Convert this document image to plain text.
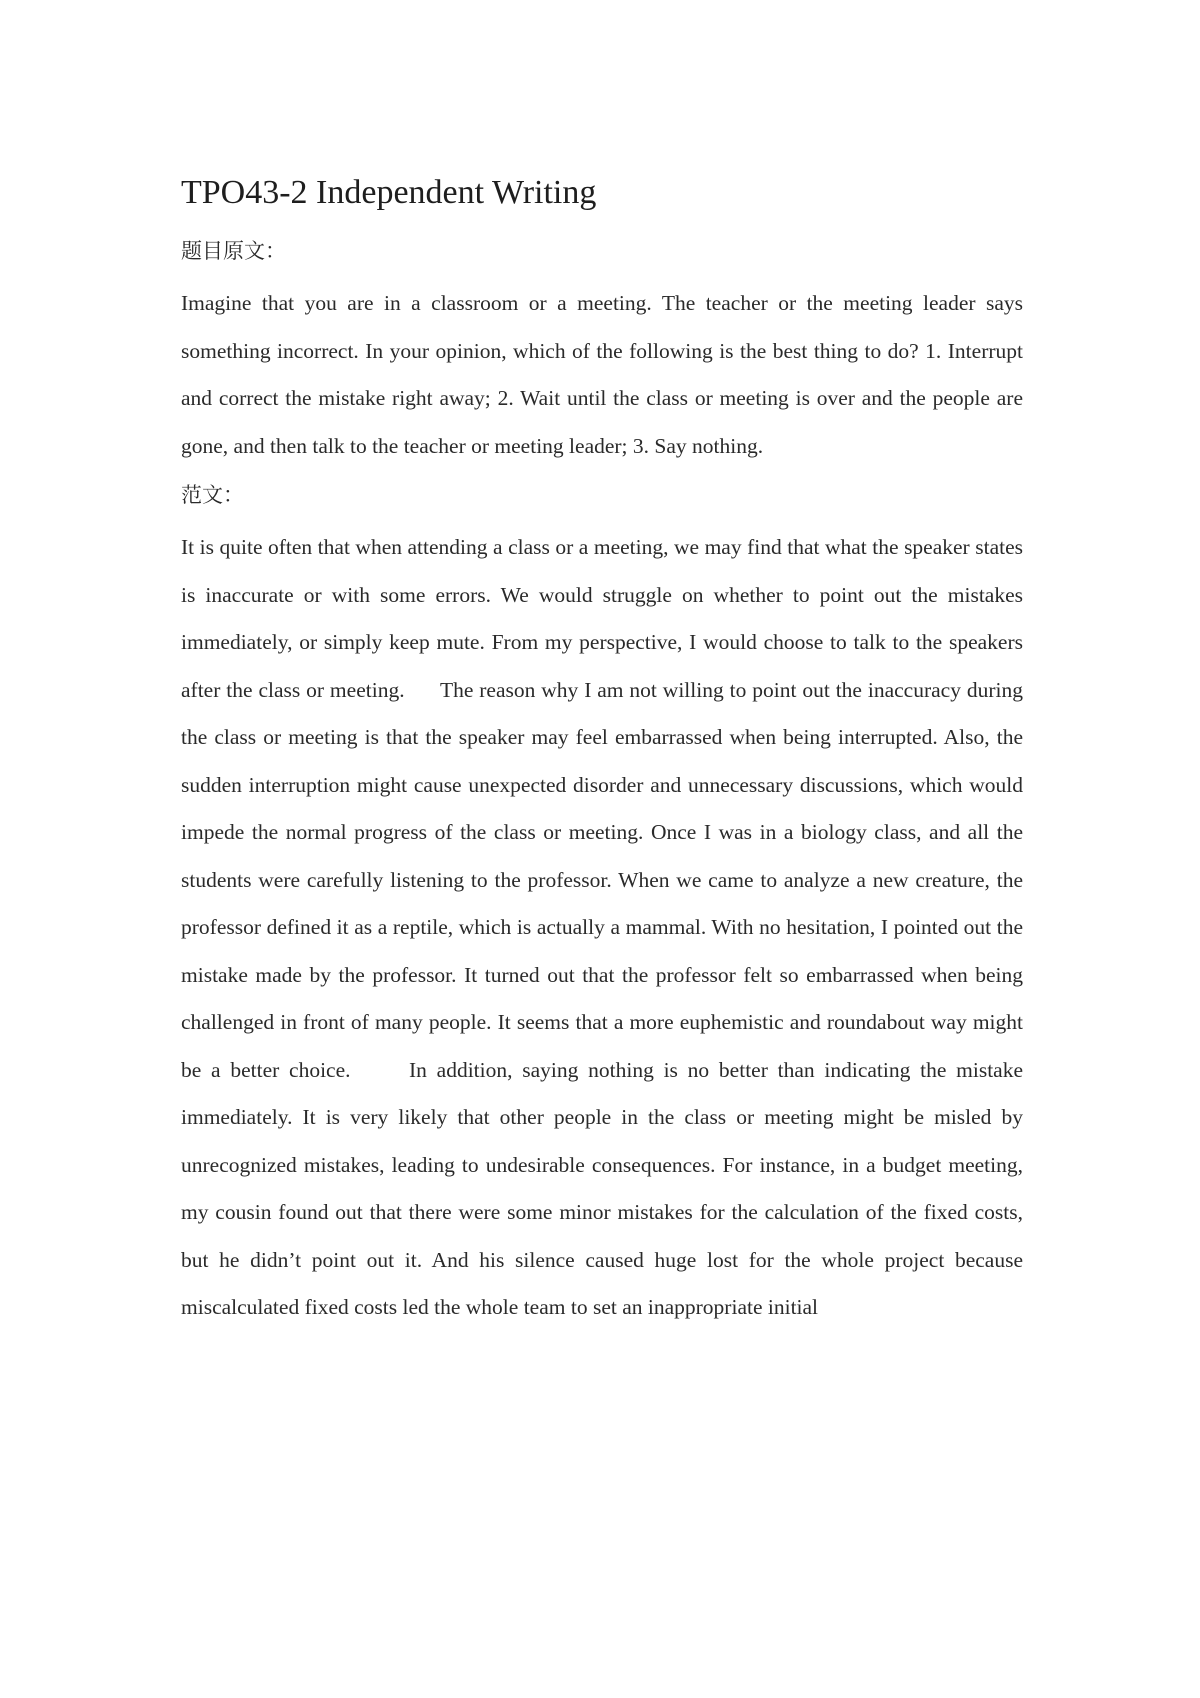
TPO43-2 Independent Writing
题目原文：

Imagine that you are in a classroom or a meeting. The teacher or the meeting leader says something incorrect. In your opinion, which of the following is the best thing to do? 1. Interrupt and correct the mistake right away; 2. Wait until the class or meeting is over and the people are gone, and then talk to the teacher or meeting leader; 3. Say nothing.

范文：

It is quite often that when attending a class or a meeting, we may find that what the speaker states is inaccurate or with some errors. We would struggle on whether to point out the mistakes immediately, or simply keep mute. From my perspective, I would choose to talk to the speakers after the class or meeting.      The reason why I am not willing to point out the inaccuracy during the class or meeting is that the speaker may feel embarrassed when being interrupted. Also, the sudden interruption might cause unexpected disorder and unnecessary discussions, which would impede the normal progress of the class or meeting. Once I was in a biology class, and all the students were carefully listening to the professor. When we came to analyze a new creature, the professor defined it as a reptile, which is actually a mammal. With no hesitation, I pointed out the mistake made by the professor. It turned out that the professor felt so embarrassed when being challenged in front of many people. It seems that a more euphemistic and roundabout way might be a better choice.      In addition, saying nothing is no better than indicating the mistake immediately. It is very likely that other people in the class or meeting might be misled by unrecognized mistakes, leading to undesirable consequences. For instance, in a budget meeting, my cousin found out that there were some minor mistakes for the calculation of the fixed costs, but he didn’t point out it. And his silence caused huge lost for the whole project because miscalculated fixed costs led the whole team to set an inappropriate initial
